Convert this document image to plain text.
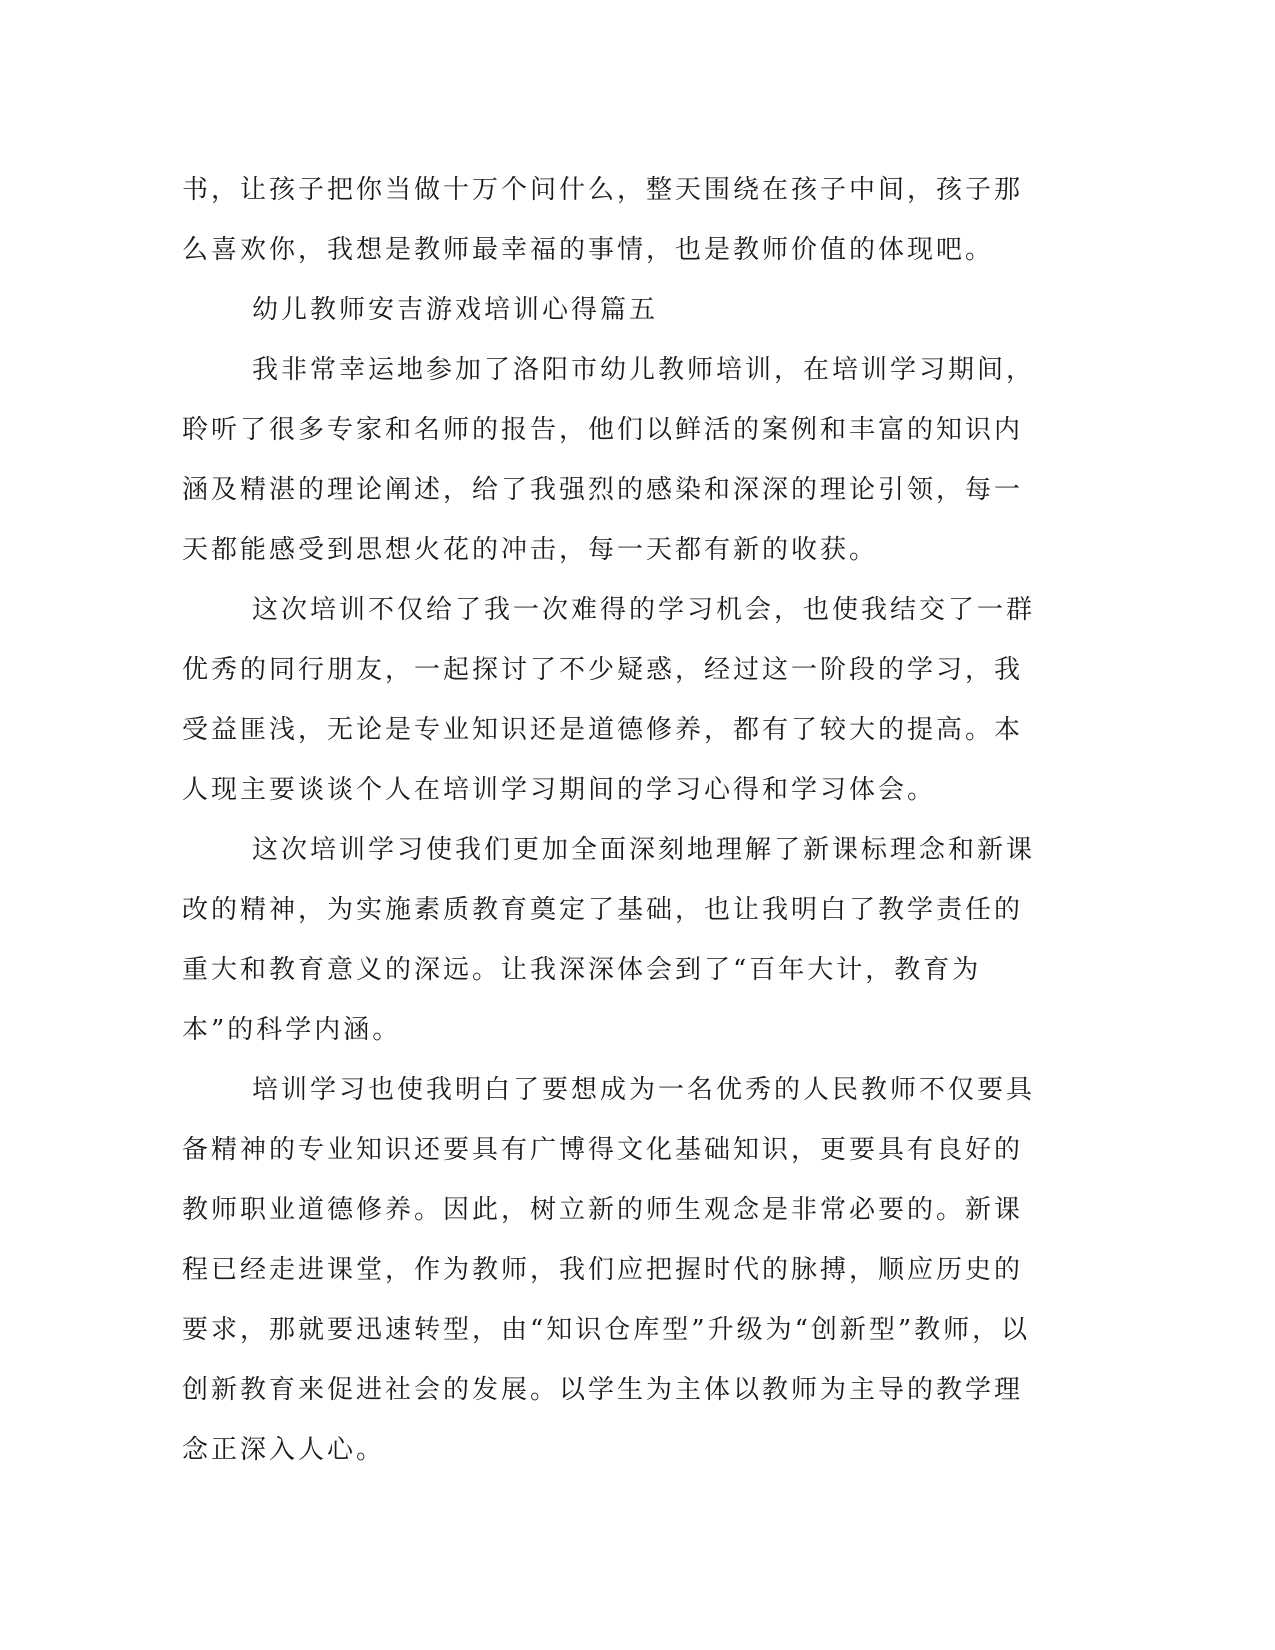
书，让孩子把你当做十万个问什么，整天围绕在孩子中间，孩子那么喜欢你，我想是教师最幸福的事情，也是教师价值的体现吧。

幼儿教师安吉游戏培训心得篇五

我非常幸运地参加了洛阳市幼儿教师培训，在培训学习期间，聆听了很多专家和名师的报告，他们以鲜活的案例和丰富的知识内涵及精湛的理论阐述，给了我强烈的感染和深深的理论引领，每一天都能感受到思想火花的冲击，每一天都有新的收获。

这次培训不仅给了我一次难得的学习机会，也使我结交了一群优秀的同行朋友，一起探讨了不少疑惑，经过这一阶段的学习，我受益匪浅，无论是专业知识还是道德修养，都有了较大的提高。本人现主要谈谈个人在培训学习期间的学习心得和学习体会。

这次培训学习使我们更加全面深刻地理解了新课标理念和新课改的精神，为实施素质教育奠定了基础，也让我明白了教学责任的重大和教育意义的深远。让我深深体会到了“百年大计，教育为本”的科学内涵。

培训学习也使我明白了要想成为一名优秀的人民教师不仅要具备精神的专业知识还要具有广博得文化基础知识，更要具有良好的教师职业道德修养。因此，树立新的师生观念是非常必要的。新课程已经走进课堂，作为教师，我们应把握时代的脉搏，顺应历史的要求，那就要迅速转型，由“知识仓库型”升级为“创新型”教师，以创新教育来促进社会的发展。以学生为主体以教师为主导的教学理念正深入人心。
